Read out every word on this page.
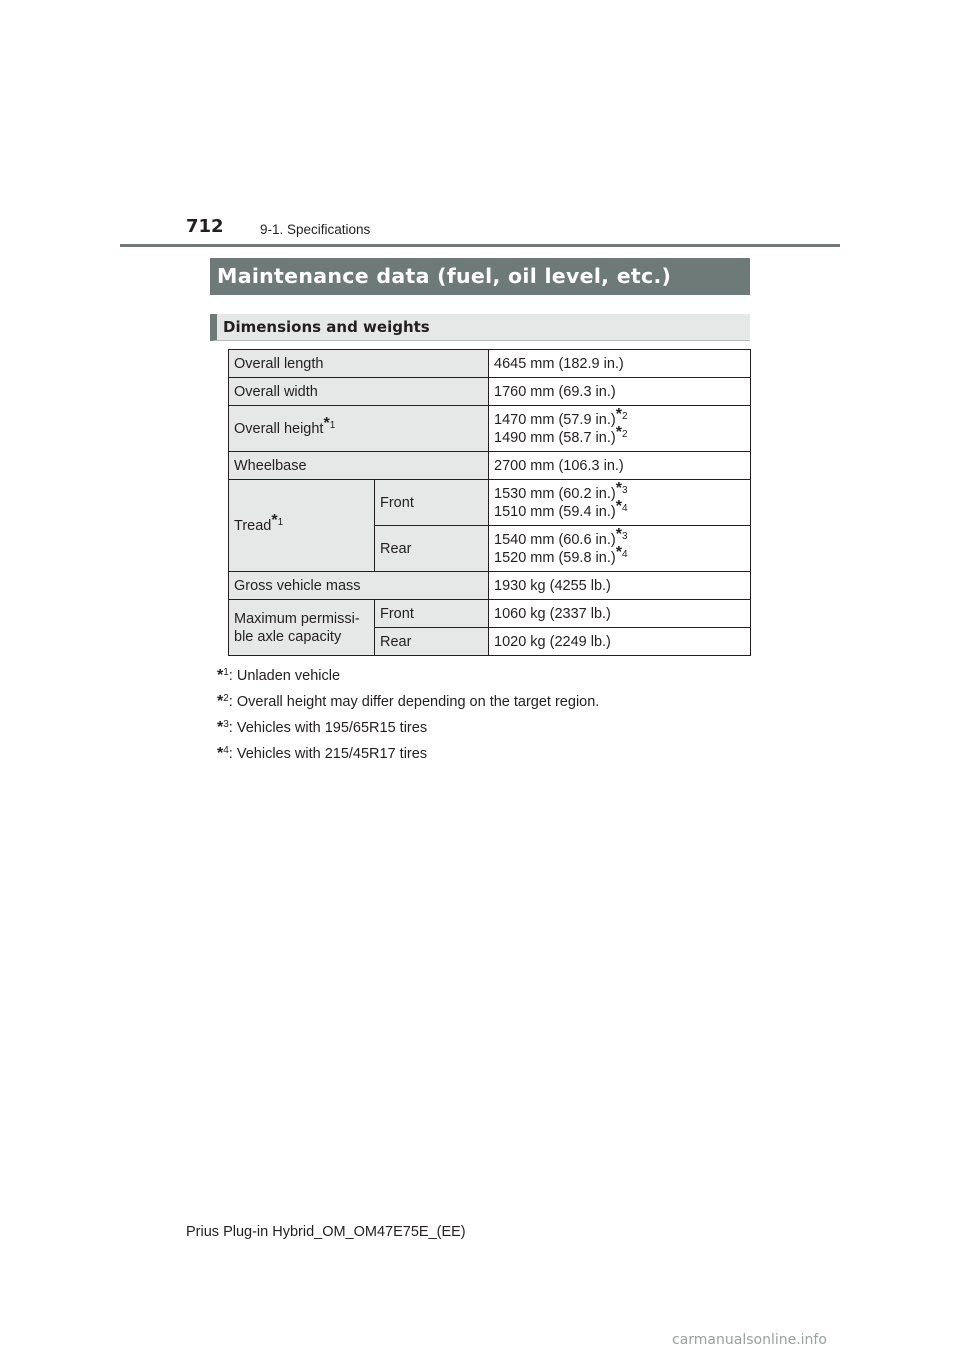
712	9-1. Specifications
Maintenance data (fuel, oil level, etc.)
Dimensions and weights
Overall length		4645 mm (182.9 in.)
Overall width		1760 mm (69.3 in.)
Overall height$^{*1}$		1470 mm (57.9 in.)$^{*2}$
1490 mm (58.7 in.)$^{*2}$

Wheelbase		2700 mm (106.3 in.)
Tread$^{*1}$	Front	1530 mm (60.2 in.)$^{*3}$
1510 mm (59.4 in.)$^{*4}$

	Rear	1540 mm (60.6 in.)$^{*3}$
1520 mm (59.8 in.)$^{*4}$

Gross vehicle mass		1930 kg (4255 lb.)

Maximum permissi-
ble axle capacity	Front	1060 kg (2337 lb.)
	Rear	1020 kg (2249 lb.)
*$^1$: Unladen vehicle
*$^2$: Overall height may differ depending on the target region.
*$^3$: Vehicles with 195/65R15 tires
*$^4$: Vehicles with 215/45R17 tires
Prius Plug-in Hybrid_OM_OM47E75E_(EE)
carmanualsonline.info
